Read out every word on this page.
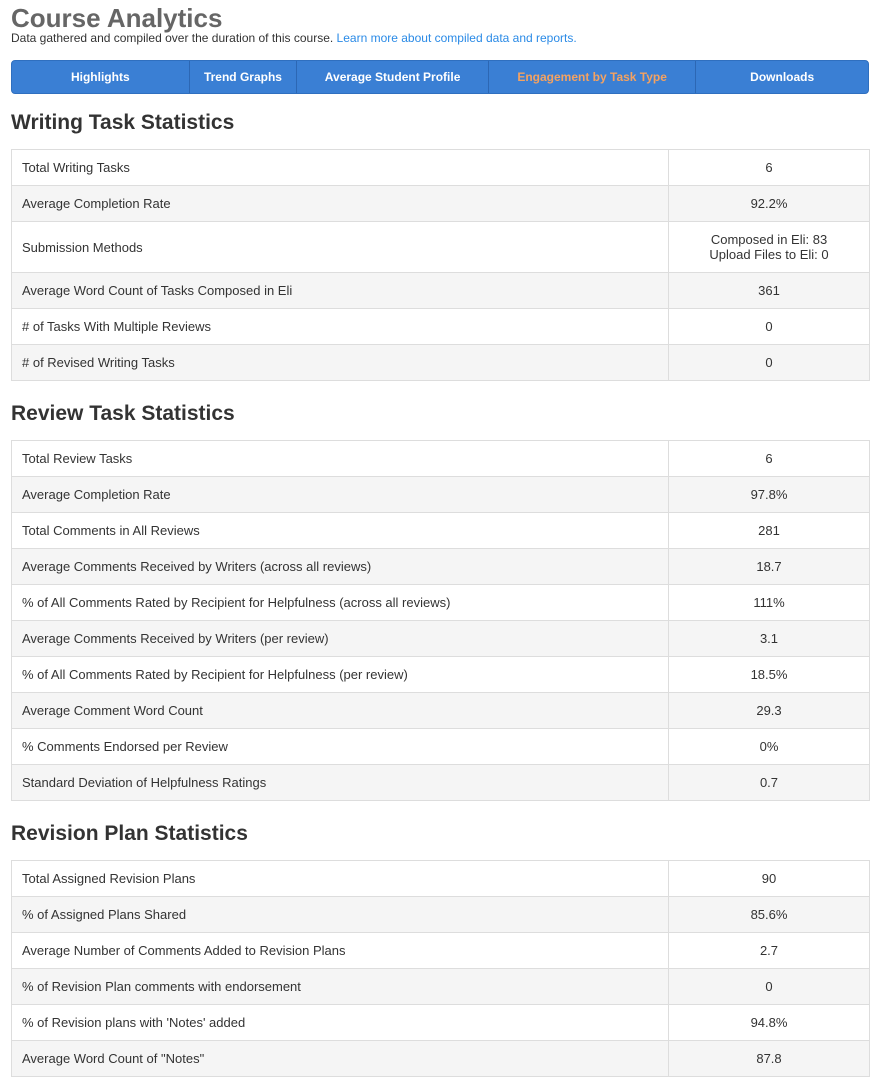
Course Analytics
Data gathered and compiled over the duration of this course. Learn more about compiled data and reports.
Highlights	Trend Graphs	Average Student Profile	Engagement by Task Type	Downloads
Writing Task Statistics
Total Writing Tasks	6
Average Completion Rate	92.2%
Submission Methods	Composed in Eli: 83
Upload Files to Eli: 0

Average Word Count of Tasks Composed in Eli	361
# of Tasks With Multiple Reviews	0
# of Revised Writing Tasks	0
Review Task Statistics
Total Review Tasks	6
Average Completion Rate	97.8%
Total Comments in All Reviews	281
Average Comments Received by Writers (across all reviews)	18.7
% of All Comments Rated by Recipient for Helpfulness (across all reviews)	111%
Average Comments Received by Writers (per review)	3.1
% of All Comments Rated by Recipient for Helpfulness (per review)	18.5%
Average Comment Word Count	29.3
% Comments Endorsed per Review	0%
Standard Deviation of Helpfulness Ratings	0.7
Revision Plan Statistics
Total Assigned Revision Plans	90
% of Assigned Plans Shared	85.6%
Average Number of Comments Added to Revision Plans	2.7
% of Revision Plan comments with endorsement	0
% of Revision plans with 'Notes' added	94.8%
Average Word Count of "Notes"	87.8
